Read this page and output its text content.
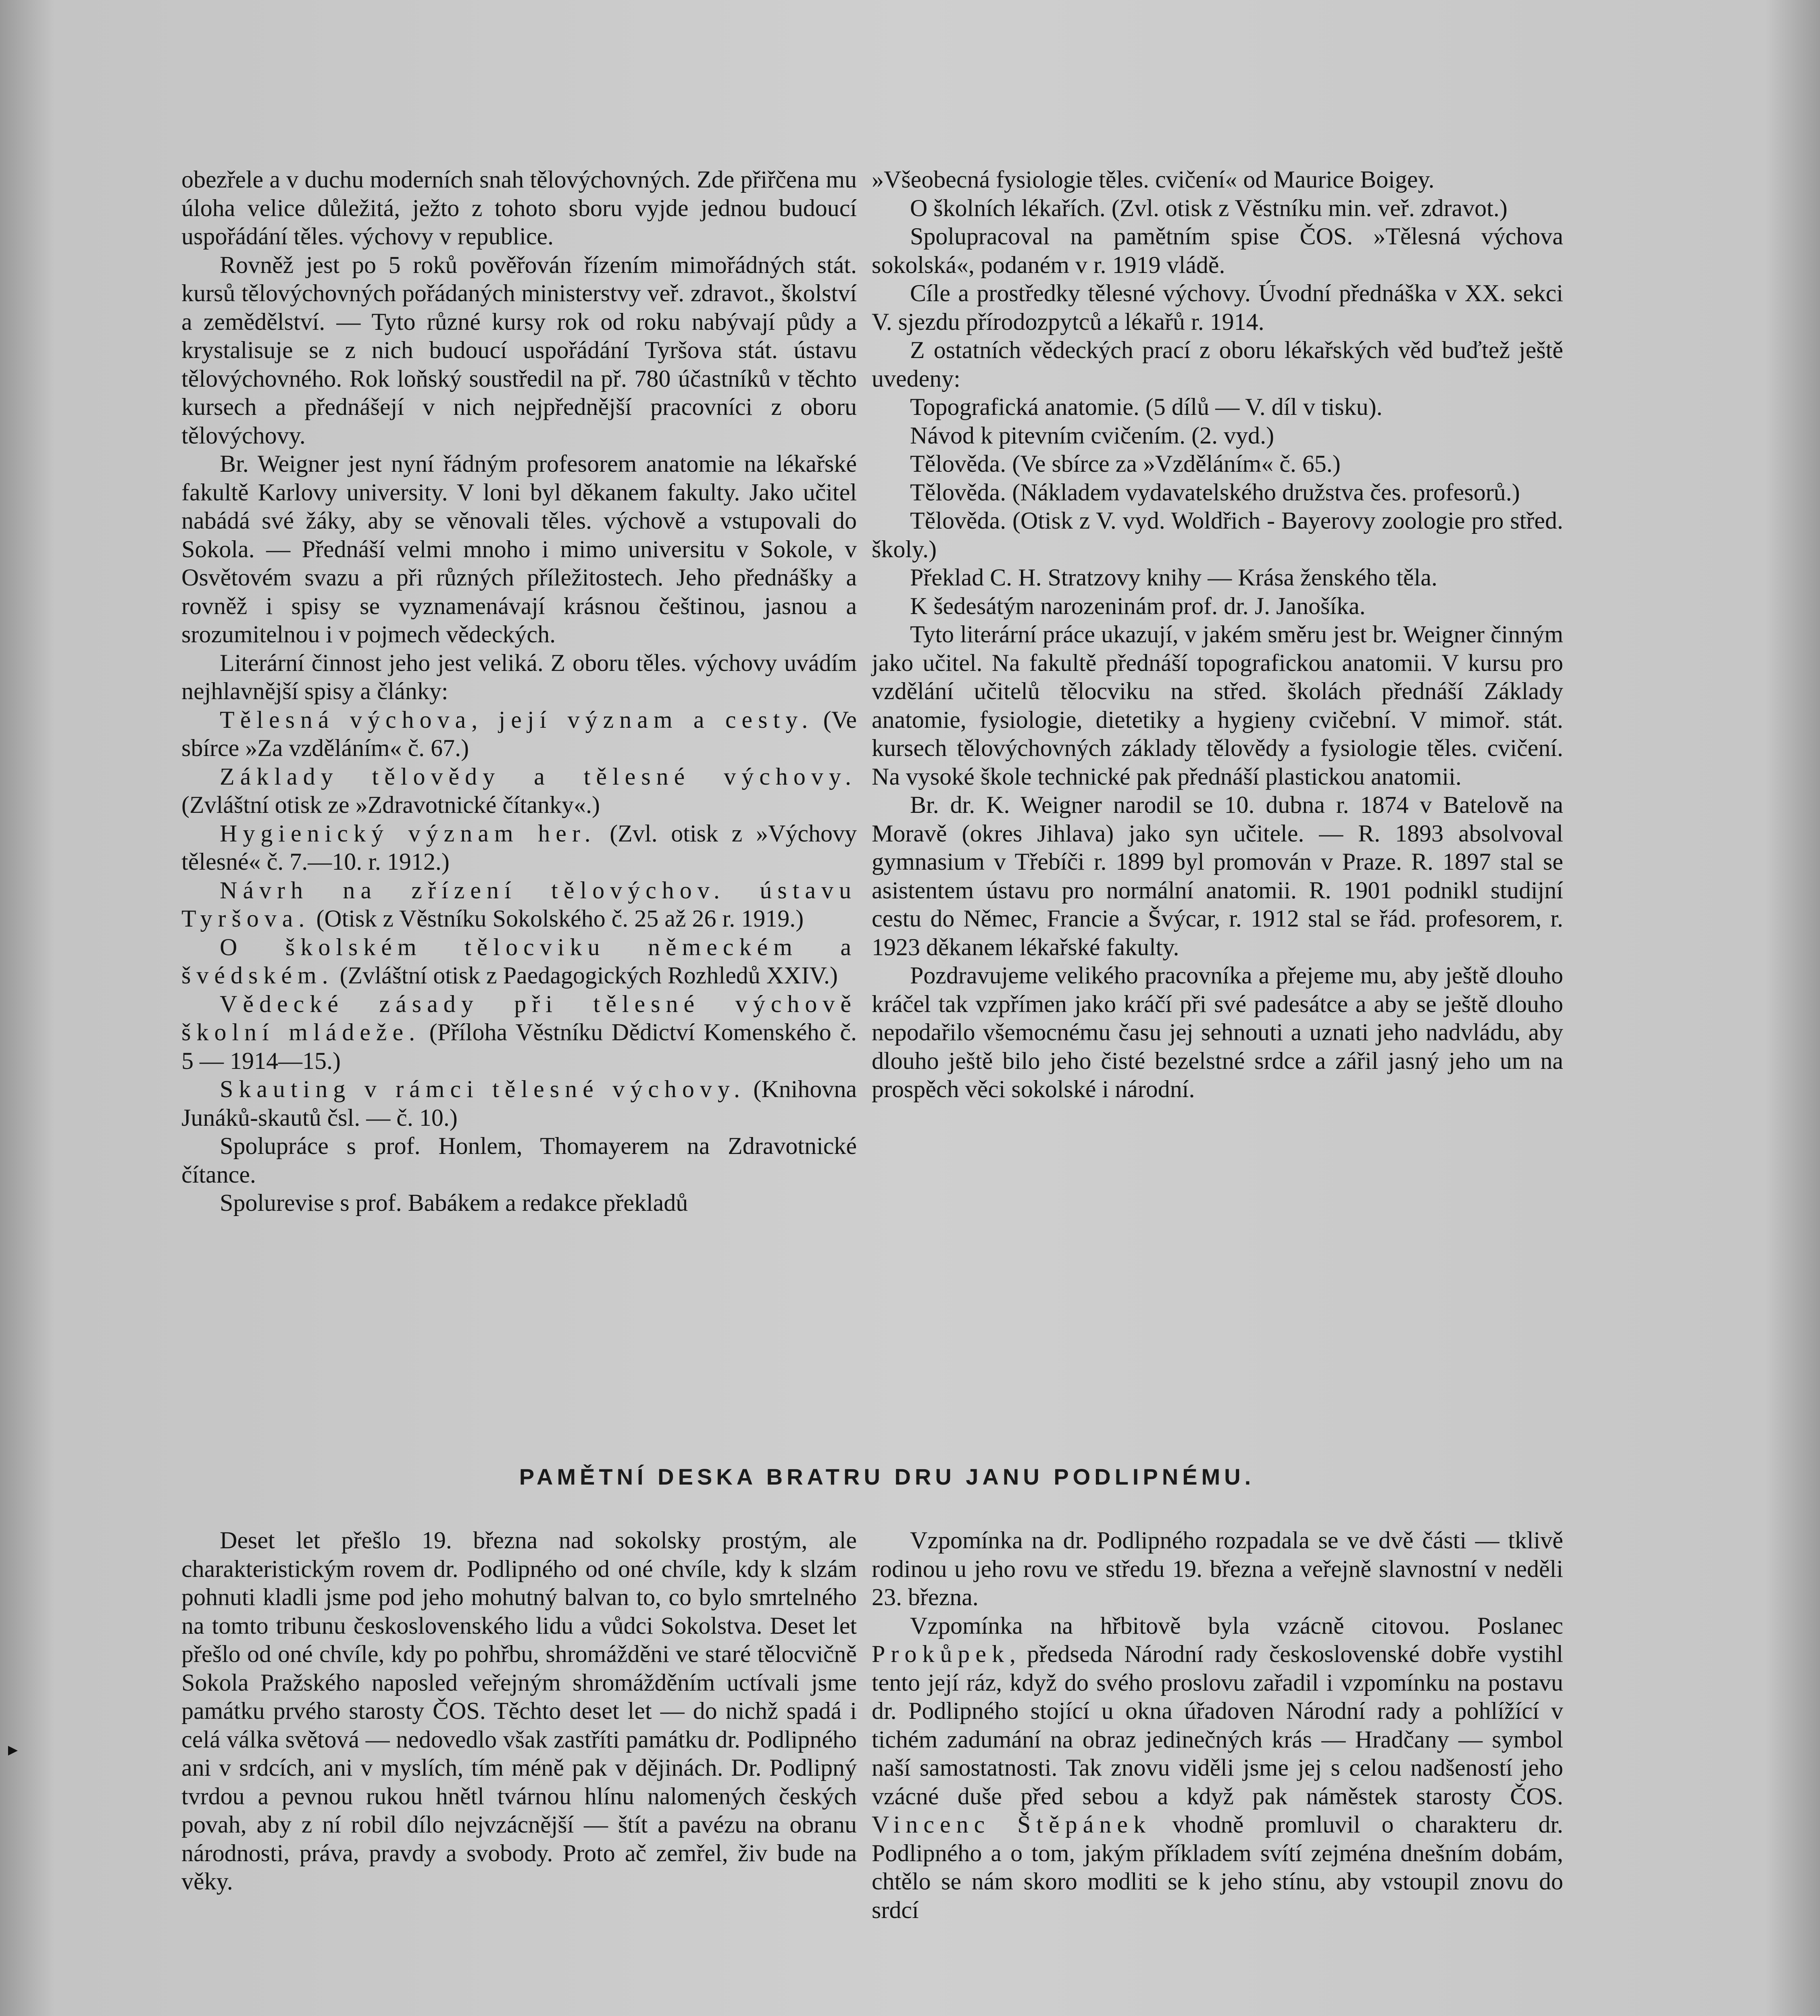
obezřele a v duchu moderních snah tělovýchovných. Zde přiřčena mu úloha velice důležitá, ježto z tohoto sboru vyjde jednou budoucí uspořádání těles. výchovy v republice.

Rovněž jest po 5 roků pověřován řízením mimořádných stát. kursů tělovýchovných pořádaných ministerstvy veř. zdravot., školství a zemědělství. — Tyto různé kursy rok od roku nabývají půdy a krystalisuje se z nich budoucí uspořádání Tyršova stát. ústavu tělovýchovného. Rok loňský soustředil na př. 780 účastníků v těchto kursech a přednášejí v nich nejpřednější pracovníci z oboru tělovýchovy.

Br. Weigner jest nyní řádným profesorem anatomie na lékařské fakultě Karlovy university. V loni byl děkanem fakulty. Jako učitel nabádá své žáky, aby se věnovali těles. výchově a vstupovali do Sokola. — Přednáší velmi mnoho i mimo universitu v Sokole, v Osvětovém svazu a při různých příležitostech. Jeho přednášky a rovněž i spisy se vyznamenávají krásnou češtinou, jasnou a srozumitelnou i v pojmech vědeckých.

Literární činnost jeho jest veliká. Z oboru těles. výchovy uvádím nejhlavnější spisy a články:

Tělesná výchova, její význam a cesty. (Ve sbírce »Za vzděláním« č. 67.)

Základy tělovědy a tělesné výchovy. (Zvláštní otisk ze »Zdravotnické čítanky«.)

Hygienický význam her. (Zvl. otisk z »Výchovy tělesné« č. 7.—10. r. 1912.)

Návrh na zřízení tělovýchov. ústavu Tyršova. (Otisk z Věstníku Sokolského č. 25 až 26 r. 1919.)

O školském tělocviku německém a švédském. (Zvláštní otisk z Paedagogických Rozhledů XXIV.)

Vědecké zásady při tělesné výchově školní mládeže. (Příloha Věstníku Dědictví Komenského č. 5 — 1914—15.)

Skauting v rámci tělesné výchovy. (Knihovna Junáků-skautů čsl. — č. 10.)

Spolupráce s prof. Honlem, Thomayerem na Zdravotnické čítance.

Spolurevise s prof. Babákem a redakce překladů

»Všeobecná fysiologie těles. cvičení« od Maurice Boigey.

O školních lékařích. (Zvl. otisk z Věstníku min. veř. zdravot.)

Spolupracoval na pamětním spise ČOS. »Tělesná výchova sokolská«, podaném v r. 1919 vládě.

Cíle a prostředky tělesné výchovy. Úvodní přednáška v XX. sekci V. sjezdu přírodozpytců a lékařů r. 1914.

Z ostatních vědeckých prací z oboru lékařských věd buďtež ještě uvedeny:

Topografická anatomie. (5 dílů — V. díl v tisku).

Návod k pitevním cvičením. (2. vyd.)

Tělověda. (Ve sbírce za »Vzděláním« č. 65.)

Tělověda. (Nákladem vydavatelského družstva čes. profesorů.)

Tělověda. (Otisk z V. vyd. Woldřich - Bayerovy zoologie pro střed. školy.)

Překlad C. H. Stratzovy knihy — Krása ženského těla.

K šedesátým narozeninám prof. dr. J. Janošíka.

Tyto literární práce ukazují, v jakém směru jest br. Weigner činným jako učitel. Na fakultě přednáší topografickou anatomii. V kursu pro vzdělání učitelů tělocviku na střed. školách přednáší Základy anatomie, fysiologie, dietetiky a hygieny cvičební. V mimoř. stát. kursech tělovýchovných základy tělovědy a fysiologie těles. cvičení. Na vysoké škole technické pak přednáší plastickou anatomii.

Br. dr. K. Weigner narodil se 10. dubna r. 1874 v Batelově na Moravě (okres Jihlava) jako syn učitele. — R. 1893 absolvoval gymnasium v Třebíči r. 1899 byl promován v Praze. R. 1897 stal se asistentem ústavu pro normální anatomii. R. 1901 podnikl studijní cestu do Němec, Francie a Švýcar, r. 1912 stal se řád. profesorem, r. 1923 děkanem lékařské fakulty.

Pozdravujeme velikého pracovníka a přejeme mu, aby ještě dlouho kráčel tak vzpřímen jako kráčí při své padesátce a aby se ještě dlouho nepodařilo všemocnému času jej sehnouti a uznati jeho nadvládu, aby dlouho ještě bilo jeho čisté bezelstné srdce a zářil jasný jeho um na prospěch věci sokolské i národní.

PAMĚTNÍ DESKA BRATRU DRU JANU PODLIPNÉMU.

Deset let přešlo 19. března nad sokolsky prostým, ale charakteristickým rovem dr. Podlipného od oné chvíle, kdy k slzám pohnuti kladli jsme pod jeho mohutný balvan to, co bylo smrtelného na tomto tribunu československého lidu a vůdci Sokolstva. Deset let přešlo od oné chvíle, kdy po pohřbu, shromážděni ve staré tělocvičně Sokola Pražského naposled veřejným shromážděním uctívali jsme památku prvého starosty ČOS. Těchto deset let — do nichž spadá i celá válka světová — nedovedlo však zastříti památku dr. Podlipného ani v srdcích, ani v myslích, tím méně pak v dějinách. Dr. Podlipný tvrdou a pevnou rukou hnětl tvárnou hlínu nalomených českých povah, aby z ní robil dílo nejvzácnější — štít a pavézu na obranu národnosti, práva, pravdy a svobody. Proto ač zemřel, živ bude na věky.

Vzpomínka na dr. Podlipného rozpadala se ve dvě části — tklivě rodinou u jeho rovu ve středu 19. března a veřejně slavnostní v neděli 23. března.

Vzpomínka na hřbitově byla vzácně citovou. Poslanec Prokůpek, předseda Národní rady československé dobře vystihl tento její ráz, když do svého proslovu zařadil i vzpomínku na postavu dr. Podlipného stojící u okna úřadoven Národní rady a pohlížící v tichém zadumání na obraz jedinečných krás — Hradčany — symbol naší samostatnosti. Tak znovu viděli jsme jej s celou nadšeností jeho vzácné duše před sebou a když pak náměstek starosty ČOS. Vincenc Štěpánek vhodně promluvil o charakteru dr. Podlipného a o tom, jakým příkladem svítí zejména dnešním dobám, chtělo se nám skoro modliti se k jeho stínu, aby vstoupil znovu do srdcí
